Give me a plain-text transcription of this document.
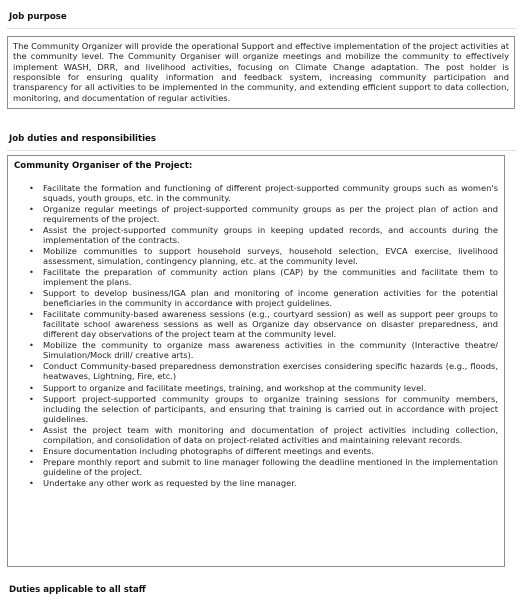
Job purpose
The Community Organizer will provide the operational Support and effective implementation of the project activities at the community level. The Community Organiser will organize meetings and mobilize the community to effectively implement WASH, DRR, and livelihood activities, focusing on Climate Change adaptation. The post holder is responsible for ensuring quality information and feedback system, increasing community participation and transparency for all activities to be implemented in the community, and extending efficient support to data collection, monitoring, and documentation of regular activities.
Job duties and responsibilities
Community Organiser of the Project:
• Facilitate the formation and functioning of different project-supported community groups such as women's squads, youth groups, etc. in the community.
• Organize regular meetings of project-supported community groups as per the project plan of action and requirements of the project.
• Assist the project-supported community groups in keeping updated records, and accounts during the implementation of the contracts.
• Mobilize communities to support household surveys, household selection, EVCA exercise, livelihood assessment, simulation, contingency planning, etc. at the community level.
• Facilitate the preparation of community action plans (CAP) by the communities and facilitate them to implement the plans.
• Support to develop business/IGA plan and monitoring of income generation activities for the potential beneficiaries in the community in accordance with project guidelines.
• Facilitate community-based awareness sessions (e.g., courtyard session) as well as support peer groups to facilitate school awareness sessions as well as Organize day observance on disaster preparedness, and different day observations of the project team at the community level.
• Mobilize the community to organize mass awareness activities in the community (Interactive theatre/ Simulation/Mock drill/ creative arts).
• Conduct Community-based preparedness demonstration exercises considering specific hazards (e.g., floods, heatwaves, Lightning, Fire, etc.)
• Support to organize and facilitate meetings, training, and workshop at the community level.
• Support project-supported community groups to organize training sessions for community members, including the selection of participants, and ensuring that training is carried out in accordance with project guidelines.
• Assist the project team with monitoring and documentation of project activities including collection, compilation, and consolidation of data on project-related activities and maintaining relevant records.
• Ensure documentation including photographs of different meetings and events.
• Prepare monthly report and submit to line manager following the deadline mentioned in the implementation guideline of the project.
• Undertake any other work as requested by the line manager.
Duties applicable to all staff
